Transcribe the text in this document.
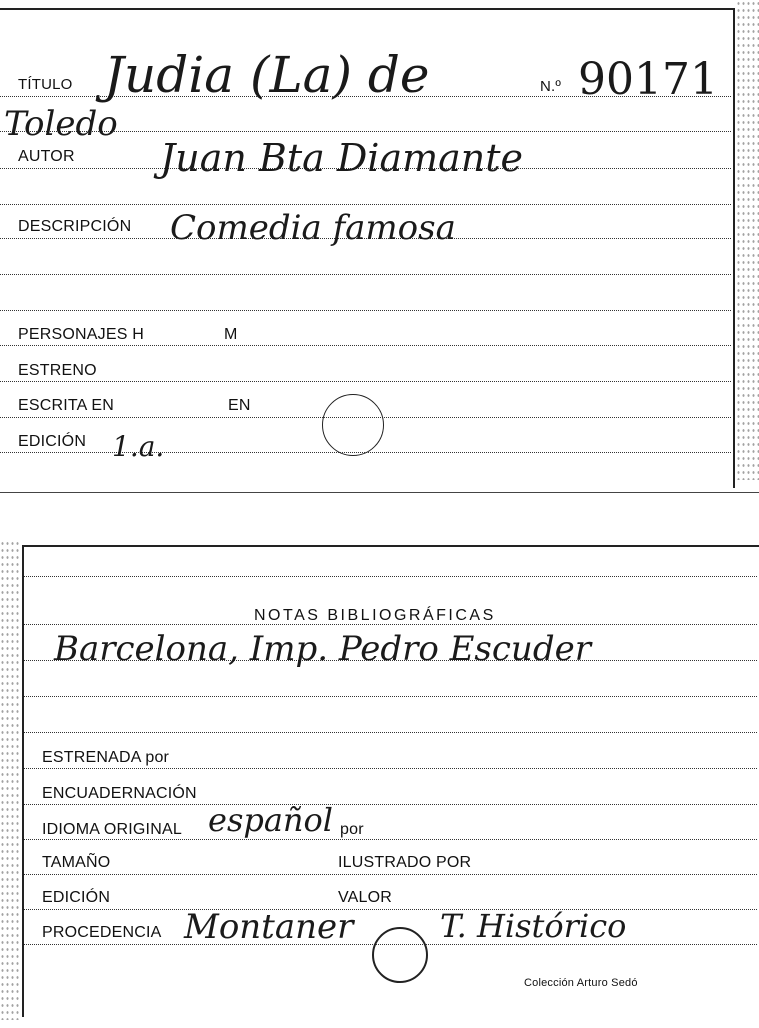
TÍTULO Judia (La) de	N.º 90171
Toledo
AUTOR Juan Bta Diamante
DESCRIPCIÓN Comedia famosa
PERSONAJES H	M
ESTRENO
ESCRITA EN	EN
EDICIÓN 1.a.
NOTAS BIBLIOGRÁFICAS
Barcelona, Imp. Pedro Escuder
ESTRENADA por
ENCUADERNACIÓN
IDIOMA ORIGINAL español por
TAMAÑO	ILUSTRADO POR
EDICIÓN	VALOR
PROCEDENCIA Montaner	T. Histórico
Colección Arturo Sedó
